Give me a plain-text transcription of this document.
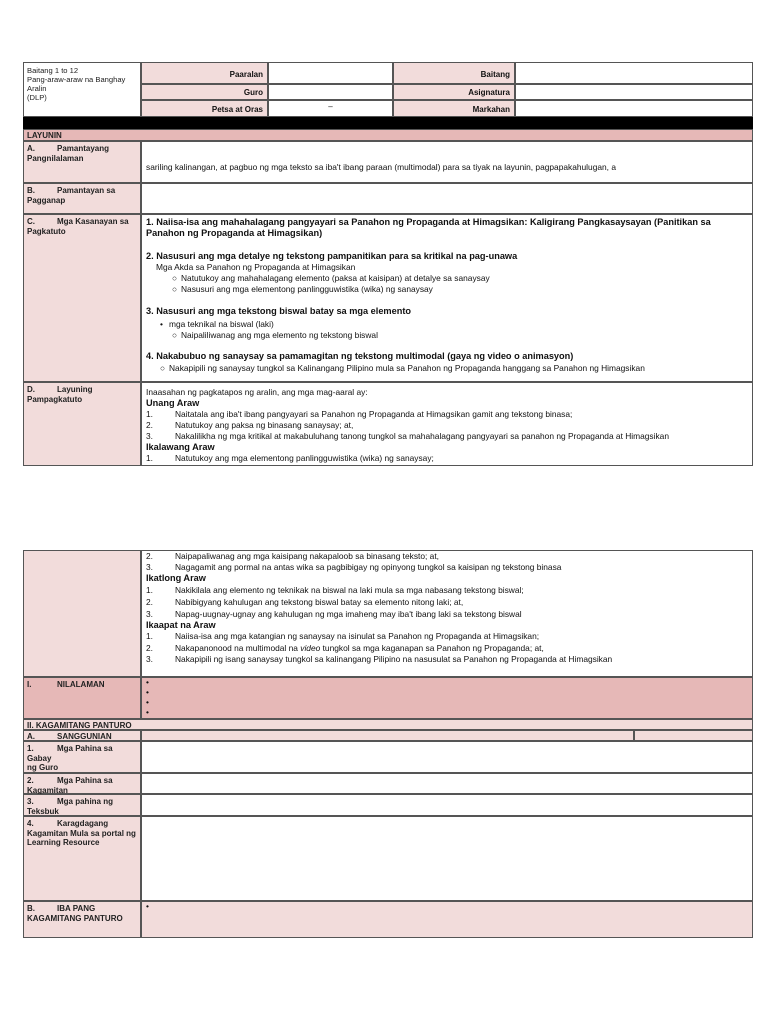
Baitang 1 to 12
Pang-araw-araw na Banghay
Aralin
(DLP)
Paaralan	Baitang
Guro	Asignatura
Petsa at Oras	–	Markahan
LAYUNIN
A.	Pamantayang
Pangnilalaman
sariling kalinangan, at pagbuo ng mga teksto sa iba't ibang paraan (multimodal) para sa tiyak na layunin, pagpapakahulugan, a
B.	Pamantayan sa
Pagganap
C.	Mga Kasanayan sa
Pagkatuto
1. Naiisa-isa ang mahahalagang pangyayari sa Panahon ng Propaganda at Himagsikan: Kaligirang Pangkasaysayan (Panitikan sa
Panahon ng Propaganda at Himagsikan)
2. Nasusuri ang mga detalye ng tekstong pampanitikan para sa kritikal na pag-unawa
Mga Akda sa Panahon ng Propaganda at Himagsikan
○ Natutukoy ang mahahalagang elemento (paksa at kaisipan) at detalye sa sanaysay
○ Nasusuri ang mga elementong panlingguwistika (wika) ng sanaysay
3. Nasusuri ang mga tekstong biswal batay sa mga elemento
• mga teknikal na biswal (laki)
○ Naipaliliwanag ang mga elemento ng tekstong biswal
4. Nakabubuo ng sanaysay sa pamamagitan ng tekstong multimodal (gaya ng video o animasyon)
○ Nakapipili ng sanaysay tungkol sa Kalinangang Pilipino mula sa Panahon ng Propaganda hanggang sa Panahon ng Himagsikan
D.	Layuning
Pampagkatuto
Inaasahan ng pagkatapos ng aralin, ang mga mag-aaral ay:
Unang Araw
1.	Naitatala ang iba't ibang pangyayari sa Panahon ng Propaganda at Himagsikan gamit ang tekstong binasa;
2.	Natutukoy ang paksa ng binasang sanaysay; at,
3.	Nakalilikha ng mga kritikal at makabuluhang tanong tungkol sa mahahalagang pangyayari sa panahon ng Propaganda at Himagsikan
Ikalawang Araw
1.	Natutukoy ang mga elementong panlingguwistika (wika) ng sanaysay;
2.	Naipapaliwanag ang mga kaisipang nakapaloob sa binasang teksto; at,
3.	Nagagamit ang pormal na antas wika sa pagbibigay ng opinyong tungkol sa kaisipan ng tekstong binasa
Ikatlong Araw
1.	Nakikilala ang elemento ng teknikak na biswal na laki mula sa mga nabasang tekstong biswal;
2.	Nabibigyang kahulugan ang tekstong biswal batay sa elemento nitong laki; at,
3.	Napag-uugnay-ugnay ang kahulugan ng mga imaheng may iba't ibang laki sa tekstong biswal
Ikaapat na Araw
1.	Naiisa-isa ang mga katangian ng sanaysay na isinulat sa Panahon ng Propaganda at Himagsikan;
2.	Nakapanonood na multimodal na video tungkol sa mga kaganapan sa Panahon ng Propaganda; at,
3.	Nakapipili ng isang sanaysay tungkol sa kalinangang Pilipino na nasusulat sa Panahon ng Propaganda at Himagsikan
I.	NILALAMAN	•
•
•
•
II. KAGAMITANG PANTURO
A.	SANGGUNIAN
1.	Mga Pahina sa Gabay
ng Guro
2.	Mga Pahina sa
Kagamitan
3.	Mga pahina ng
Teksbuk
4.	Karagdagang
Kagamitan Mula sa portal ng
Learning Resource
B.	IBA PANG
KAGAMITANG PANTURO
•
